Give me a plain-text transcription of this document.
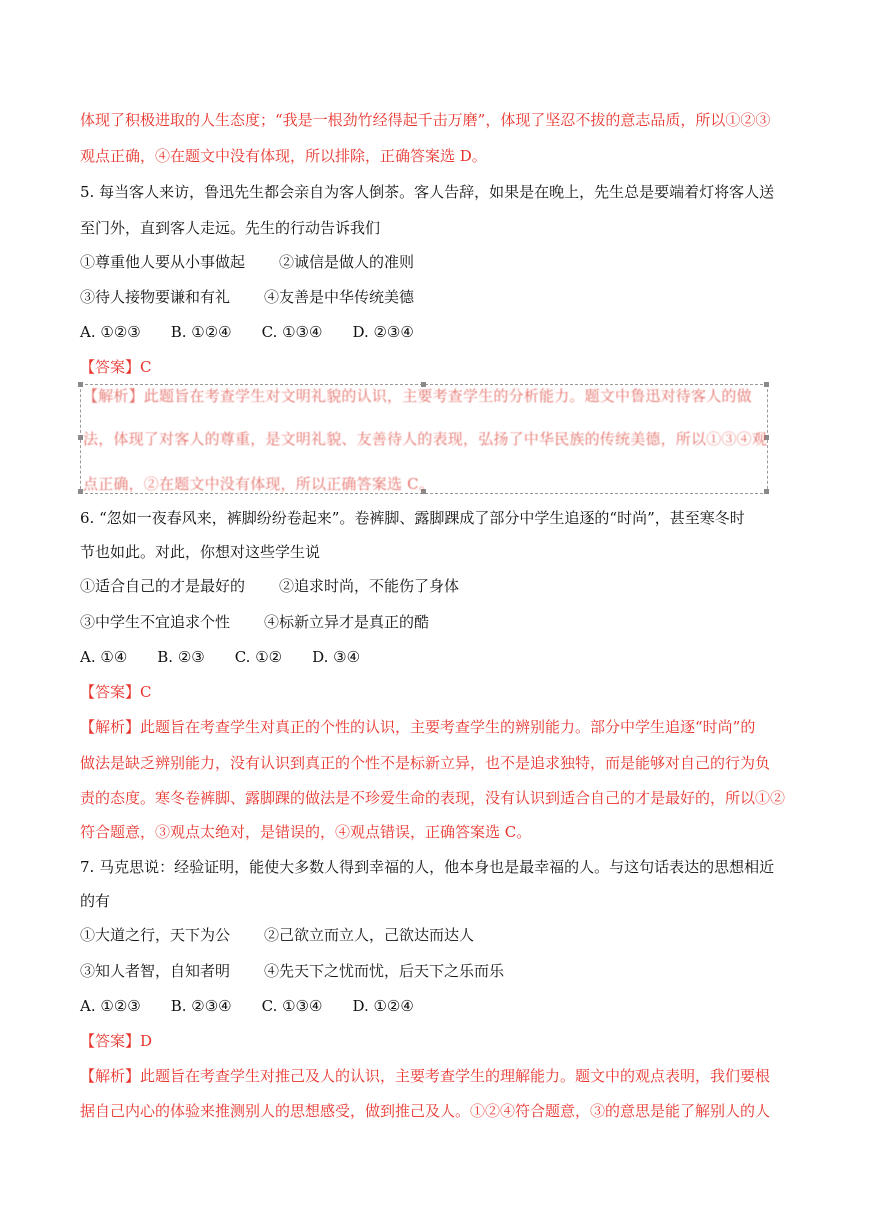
体现了积极进取的人生态度；“我是一根劲竹经得起千击万磨”，体现了坚忍不拔的意志品质，所以①②③
观点正确，④在题文中没有体现，所以排除，正确答案选 D。
5. 每当客人来访，鲁迅先生都会亲自为客人倒茶。客人告辞，如果是在晚上，先生总是要端着灯将客人送
至门外，直到客人走远。先生的行动告诉我们
①尊重他人要从小事做起 ②诚信是做人的准则
③待人接物要谦和有礼 ④友善是中华传统美德
A. ①②③ B. ①②④ C. ①③④ D. ②③④
【答案】C
【解析】此题旨在考查学生对文明礼貌的认识，主要考查学生的分析能力。题文中鲁迅对待客人的做
法，体现了对客人的尊重，是文明礼貌、友善待人的表现，弘扬了中华民族的传统美德，所以①③④观
点正确，②在题文中没有体现，所以正确答案选 C。
6. “忽如一夜春风来，裤脚纷纷卷起来”。卷裤脚、露脚踝成了部分中学生追逐的“时尚”，甚至寒冬时
节也如此。对此，你想对这些学生说
①适合自己的才是最好的 ②追求时尚，不能伤了身体
③中学生不宜追求个性 ④标新立异才是真正的酷
A. ①④ B. ②③ C. ①② D. ③④
【答案】C
【解析】此题旨在考查学生对真正的个性的认识，主要考查学生的辨别能力。部分中学生追逐“时尚”的
做法是缺乏辨别能力，没有认识到真正的个性不是标新立异，也不是追求独特，而是能够对自己的行为负
责的态度。寒冬卷裤脚、露脚踝的做法是不珍爱生命的表现，没有认识到适合自己的才是最好的，所以①②
符合题意，③观点太绝对，是错误的，④观点错误，正确答案选 C。
7. 马克思说：经验证明，能使大多数人得到幸福的人，他本身也是最幸福的人。与这句话表达的思想相近
的有
①大道之行，天下为公 ②己欲立而立人，己欲达而达人
③知人者智，自知者明 ④先天下之忧而忧，后天下之乐而乐
A. ①②③ B. ②③④ C. ①③④ D. ①②④
【答案】D
【解析】此题旨在考查学生对推己及人的认识，主要考查学生的理解能力。题文中的观点表明，我们要根
据自己内心的体验来推测别人的思想感受，做到推己及人。①②④符合题意，③的意思是能了解别人的人
